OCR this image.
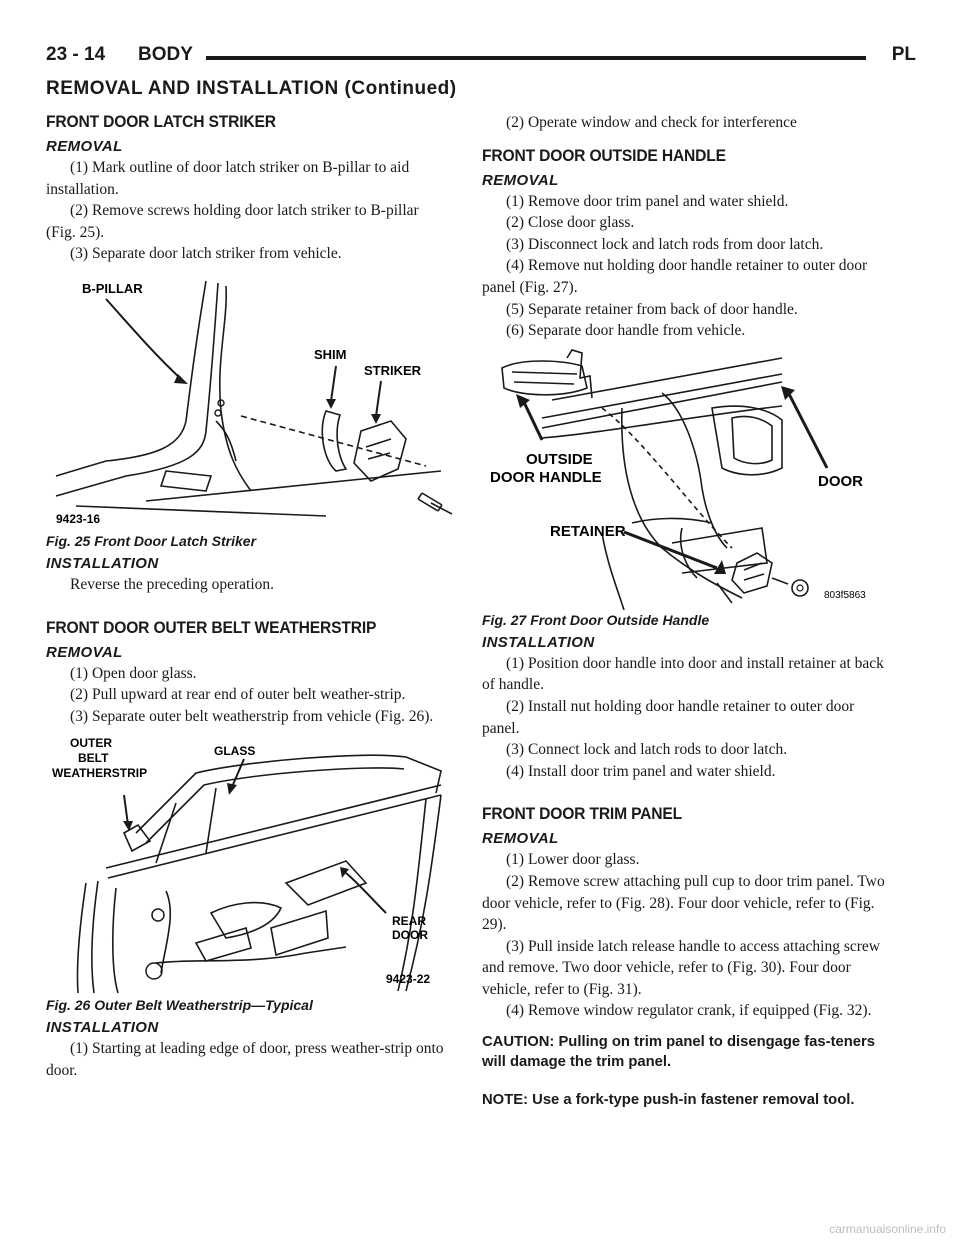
23 - 14 BODY	PL
REMOVAL AND INSTALLATION (Continued)
FRONT DOOR LATCH STRIKER
REMOVAL

(1) Mark outline of door latch striker on B-pillar to aid installation.

(2) Remove screws holding door latch striker to B-pillar (Fig. 25).

(3) Separate door latch striker from vehicle.

B-PILLAR
SHIM
STRIKER
9423-16
Fig. 25 Front Door Latch Striker
INSTALLATION

Reverse the preceding operation.

FRONT DOOR OUTER BELT WEATHERSTRIP
REMOVAL

(1) Open door glass.

(2) Pull upward at rear end of outer belt weather-strip.

(3) Separate outer belt weatherstrip from vehicle (Fig. 26).

OUTER
BELT
WEATHERSTRIP
GLASS
REAR
DOOR
9423-22
Fig. 26 Outer Belt Weatherstrip—Typical
INSTALLATION

(1) Starting at leading edge of door, press weather-strip onto door.

(2) Operate window and check for interference

FRONT DOOR OUTSIDE HANDLE
REMOVAL

(1) Remove door trim panel and water shield.

(2) Close door glass.

(3) Disconnect lock and latch rods from door latch.

(4) Remove nut holding door handle retainer to outer door panel (Fig. 27).

(5) Separate retainer from back of door handle.

(6) Separate door handle from vehicle.

OUTSIDE
DOOR HANDLE	DOOR
RETAINER
803f5863
Fig. 27 Front Door Outside Handle
INSTALLATION

(1) Position door handle into door and install retainer at back of handle.

(2) Install nut holding door handle retainer to outer door panel.

(3) Connect lock and latch rods to door latch.

(4) Install door trim panel and water shield.

FRONT DOOR TRIM PANEL
REMOVAL

(1) Lower door glass.

(2) Remove screw attaching pull cup to door trim panel. Two door vehicle, refer to (Fig. 28). Four door vehicle, refer to (Fig. 29).

(3) Pull inside latch release handle to access attaching screw and remove. Two door vehicle, refer to (Fig. 30). Four door vehicle, refer to (Fig. 31).

(4) Remove window regulator crank, if equipped (Fig. 32).

CAUTION: Pulling on trim panel to disengage fas-teners will damage the trim panel.

NOTE: Use a fork-type push-in fastener removal tool.

carmanualsonline.info
